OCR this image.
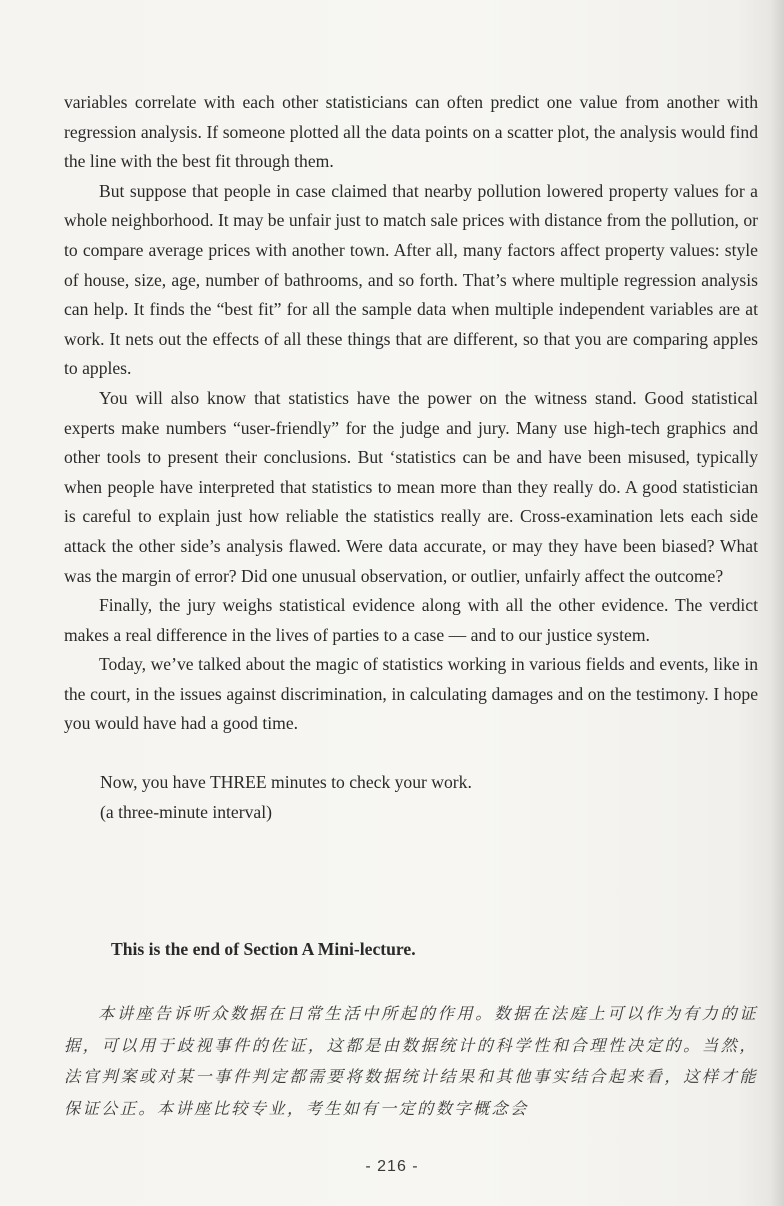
variables correlate with each other statisticians can often predict one value from another with regression analysis. If someone plotted all the data points on a scatter plot, the analysis would find the line with the best fit through them.

But suppose that people in case claimed that nearby pollution lowered property values for a whole neighborhood. It may be unfair just to match sale prices with distance from the pollution, or to compare average prices with another town. After all, many factors affect property values: style of house, size, age, number of bathrooms, and so forth. That’s where multiple regression analysis can help. It finds the “best fit” for all the sample data when multiple independent variables are at work. It nets out the effects of all these things that are different, so that you are comparing apples to apples.

You will also know that statistics have the power on the witness stand. Good statistical experts make numbers “user-friendly” for the judge and jury. Many use high-tech graphics and other tools to present their conclusions. But ‘statistics can be and have been misused, typically when people have interpreted that statistics to mean more than they really do. A good statistician is careful to explain just how reliable the statistics really are. Cross-examination lets each side attack the other side’s analysis flawed. Were data accurate, or may they have been biased? What was the margin of error? Did one unusual observation, or outlier, unfairly affect the outcome?

Finally, the jury weighs statistical evidence along with all the other evidence. The verdict makes a real difference in the lives of parties to a case — and to our justice system.

Today, we’ve talked about the magic of statistics working in various fields and events, like in the court, in the issues against discrimination, in calculating damages and on the testimony. I hope you would have had a good time.

Now, you have THREE minutes to check your work.

(a three-minute interval)

This is the end of Section A Mini-lecture.
本讲座告诉听众数据在日常生活中所起的作用。数据在法庭上可以作为有力的证据，可以用于歧视事件的佐证，这都是由数据统计的科学性和合理性决定的。当然，法官判案或对某一事件判定都需要将数据统计结果和其他事实结合起来看，这样才能保证公正。本讲座比较专业，考生如有一定的数字概念会
- 216 -
